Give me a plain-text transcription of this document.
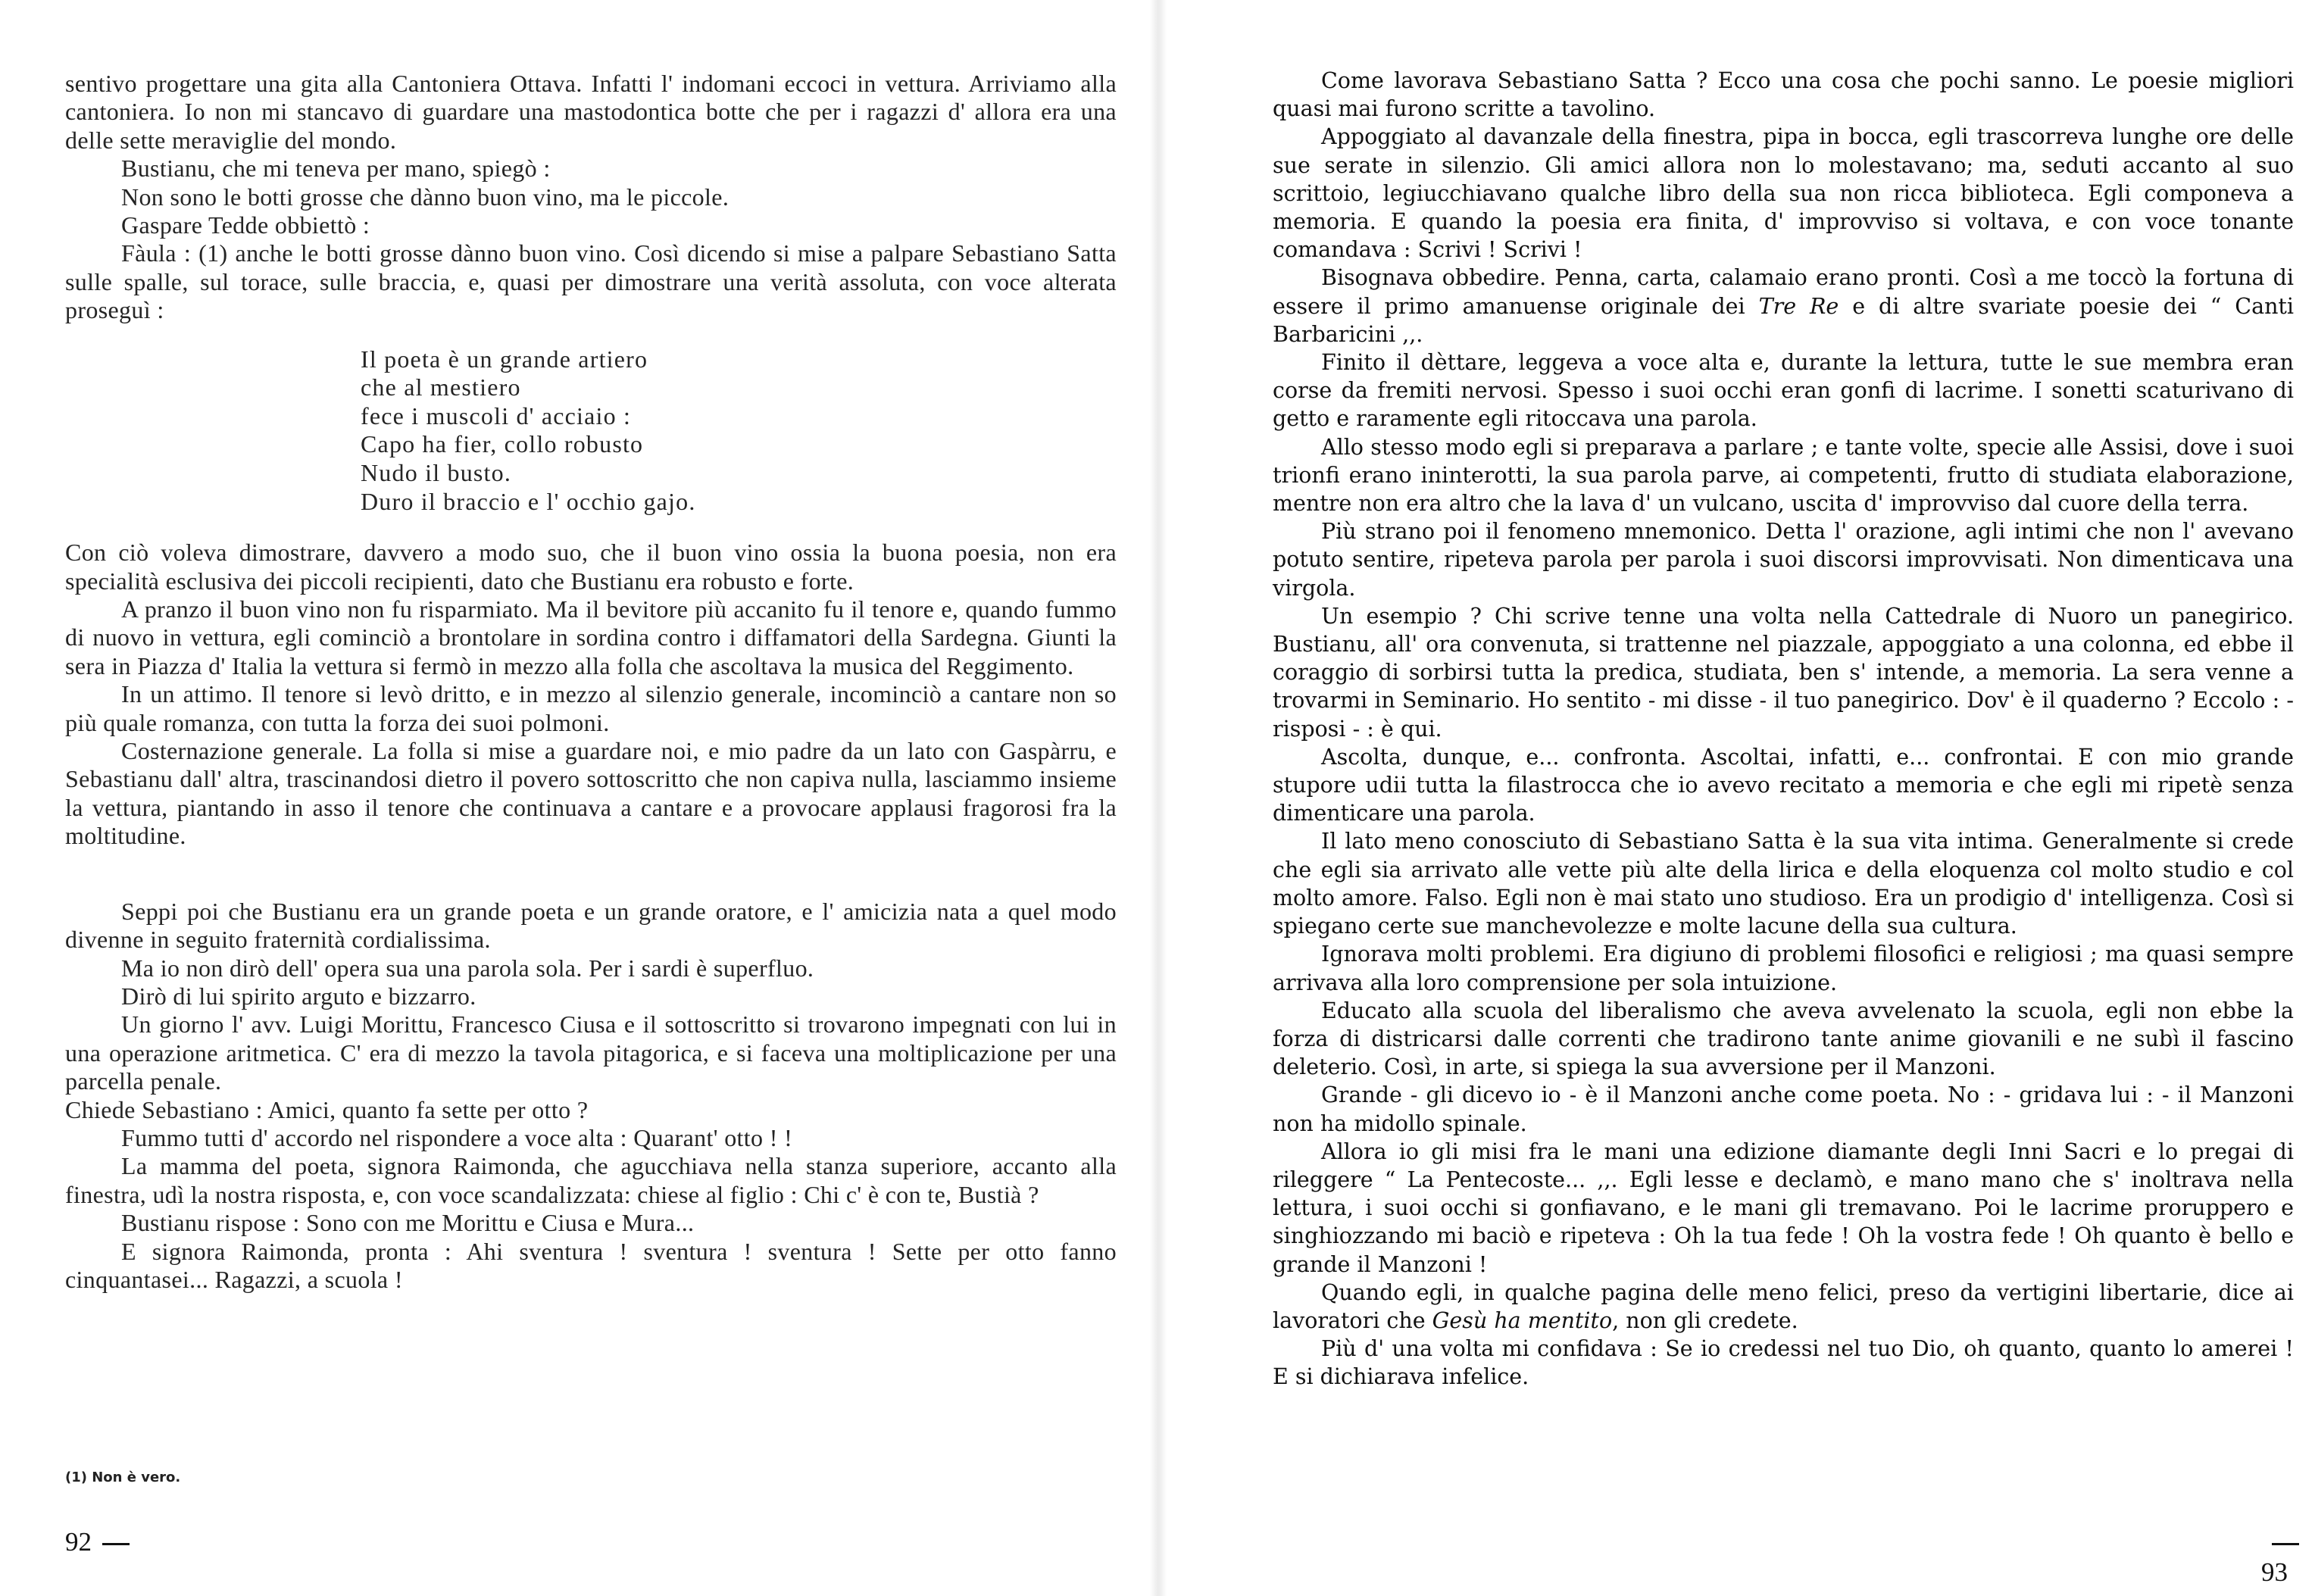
sentivo progettare una gita alla Cantoniera Ottava. Infatti l' indomani eccoci in vettura. Arriviamo alla cantoniera. Io non mi stancavo di guardare una mastodontica botte che per i ragazzi d' allora era una delle sette meraviglie del mondo.

Bustianu, che mi teneva per mano, spiegò :

Non sono le botti grosse che dànno buon vino, ma le piccole.

Gaspare Tedde obbiettò :

Fàula : (1) anche le botti grosse dànno buon vino. Così dicendo si mise a palpare Sebastiano Satta sulle spalle, sul torace, sulle braccia, e, quasi per dimostrare una verità assoluta, con voce alterata proseguì :

Il poeta è un grande artiero
che al mestiero
fece i muscoli d' acciaio :
Capo ha fier, collo robusto
Nudo il busto.
Duro il braccio e l' occhio gajo.

Con ciò voleva dimostrare, davvero a modo suo, che il buon vino ossia la buona poesia, non era specialità esclusiva dei piccoli recipienti, dato che Bustianu era robusto e forte.

A pranzo il buon vino non fu risparmiato. Ma il bevitore più accanito fu il tenore e, quando fummo di nuovo in vettura, egli cominciò a brontolare in sordina contro i diffamatori della Sardegna. Giunti la sera in Piazza d' Italia la vettura si fermò in mezzo alla folla che ascoltava la musica del Reggimento.

In un attimo. Il tenore si levò dritto, e in mezzo al silenzio generale, incominciò a cantare non so più quale romanza, con tutta la forza dei suoi polmoni.

Costernazione generale. La folla si mise a guardare noi, e mio padre da un lato con Gaspàrru, e Sebastianu dall' altra, trascinandosi dietro il povero sottoscritto che non capiva nulla, lasciammo insieme la vettura, piantando in asso il tenore che continuava a cantare e a provocare applausi fragorosi fra la moltitudine.

Seppi poi che Bustianu era un grande poeta e un grande oratore, e l' amicizia nata a quel modo divenne in seguito fraternità cordialissima.

Ma io non dirò dell' opera sua una parola sola. Per i sardi è superfluo.

Dirò di lui spirito arguto e bizzarro.

Un giorno l' avv. Luigi Morittu, Francesco Ciusa e il sottoscritto si trovarono impegnati con lui in una operazione aritmetica. C' era di mezzo la tavola pitagorica, e si faceva una moltiplicazione per una parcella penale.

Chiede Sebastiano : Amici, quanto fa sette per otto ?

Fummo tutti d' accordo nel rispondere a voce alta : Quarant' otto ! !

La mamma del poeta, signora Raimonda, che agucchiava nella stanza superiore, accanto alla finestra, udì la nostra risposta, e, con voce scandalizzata: chiese al figlio : Chi c' è con te, Bustià ?

Bustianu rispose : Sono con me Morittu e Ciusa e Mura...

E signora Raimonda, pronta : Ahi sventura ! sventura ! sventura ! Sette per otto fanno cinquantasei... Ragazzi, a scuola !

(1) Non è vero.
92

Come lavorava Sebastiano Satta ? Ecco una cosa che pochi sanno. Le poesie migliori quasi mai furono scritte a tavolino.

Appoggiato al davanzale della finestra, pipa in bocca, egli trascorreva lunghe ore delle sue serate in silenzio. Gli amici allora non lo molestavano; ma, seduti accanto al suo scrittoio, legiucchiavano qualche libro della sua non ricca biblioteca. Egli componeva a memoria. E quando la poesia era finita, d' improvviso si voltava, e con voce tonante comandava : Scrivi ! Scrivi !

Bisognava obbedire. Penna, carta, calamaio erano pronti. Così a me toccò la fortuna di essere il primo amanuense originale dei Tre Re e di altre svariate poesie dei “ Canti Barbaricini ,,.

Finito il dèttare, leggeva a voce alta e, durante la lettura, tutte le sue membra eran corse da fremiti nervosi. Spesso i suoi occhi eran gonfi di lacrime. I sonetti scaturivano di getto e raramente egli ritoccava una parola.

Allo stesso modo egli si preparava a parlare ; e tante volte, specie alle Assisi, dove i suoi trionfi erano ininterotti, la sua parola parve, ai competenti, frutto di studiata elaborazione, mentre non era altro che la lava d' un vulcano, uscita d' improvviso dal cuore della terra.

Più strano poi il fenomeno mnemonico. Detta l' orazione, agli intimi che non l' avevano potuto sentire, ripeteva parola per parola i suoi discorsi improvvisati. Non dimenticava una virgola.

Un esempio ? Chi scrive tenne una volta nella Cattedrale di Nuoro un panegirico. Bustianu, all' ora convenuta, si trattenne nel piazzale, appoggiato a una colonna, ed ebbe il coraggio di sorbirsi tutta la predica, studiata, ben s' intende, a memoria. La sera venne a trovarmi in Seminario. Ho sentito - mi disse - il tuo panegirico. Dov' è il quaderno ? Eccolo : - risposi - : è qui.

Ascolta, dunque, e... confronta. Ascoltai, infatti, e... confrontai. E con mio grande stupore udii tutta la filastrocca che io avevo recitato a memoria e che egli mi ripetè senza dimenticare una parola.

Il lato meno conosciuto di Sebastiano Satta è la sua vita intima. Generalmente si crede che egli sia arrivato alle vette più alte della lirica e della eloquenza col molto studio e col molto amore. Falso. Egli non è mai stato uno studioso. Era un prodigio d' intelligenza. Così si spiegano certe sue manchevolezze e molte lacune della sua cultura.

Ignorava molti problemi. Era digiuno di problemi filosofici e religiosi ; ma quasi sempre arrivava alla loro comprensione per sola intuizione.

Educato alla scuola del liberalismo che aveva avvelenato la scuola, egli non ebbe la forza di districarsi dalle correnti che tradirono tante anime giovanili e ne subì il fascino deleterio. Così, in arte, si spiega la sua avversione per il Manzoni.

Grande - gli dicevo io - è il Manzoni anche come poeta. No : - gridava lui : - il Manzoni non ha midollo spinale.

Allora io gli misi fra le mani una edizione diamante degli Inni Sacri e lo pregai di rileggere “ La Pentecoste... ,,. Egli lesse e declamò, e mano mano che s' inoltrava nella lettura, i suoi occhi si gonfiavano, e le mani gli tremavano. Poi le lacrime proruppero e singhiozzando mi baciò e ripeteva : Oh la tua fede ! Oh la vostra fede ! Oh quanto è bello e grande il Manzoni !

Quando egli, in qualche pagina delle meno felici, preso da vertigini libertarie, dice ai lavoratori che Gesù ha mentito, non gli credete.

Più d' una volta mi confidava : Se io credessi nel tuo Dio, oh quanto, quanto lo amerei ! E si dichiarava infelice.

93
